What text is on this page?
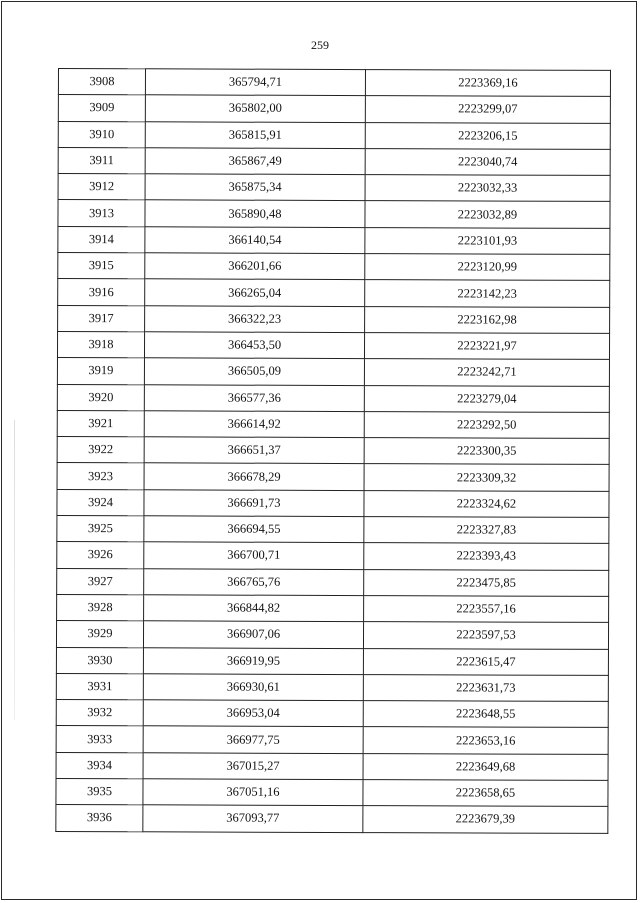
259
3908	365794,71	2223369,16
3909	365802,00	2223299,07
3910	365815,91	2223206,15
3911	365867,49	2223040,74
3912	365875,34	2223032,33
3913	365890,48	2223032,89
3914	366140,54	2223101,93
3915	366201,66	2223120,99
3916	366265,04	2223142,23
3917	366322,23	2223162,98
3918	366453,50	2223221,97
3919	366505,09	2223242,71
3920	366577,36	2223279,04
3921	366614,92	2223292,50
3922	366651,37	2223300,35
3923	366678,29	2223309,32
3924	366691,73	2223324,62
3925	366694,55	2223327,83
3926	366700,71	2223393,43
3927	366765,76	2223475,85
3928	366844,82	2223557,16
3929	366907,06	2223597,53
3930	366919,95	2223615,47
3931	366930,61	2223631,73
3932	366953,04	2223648,55
3933	366977,75	2223653,16
3934	367015,27	2223649,68
3935	367051,16	2223658,65
3936	367093,77	2223679,39
